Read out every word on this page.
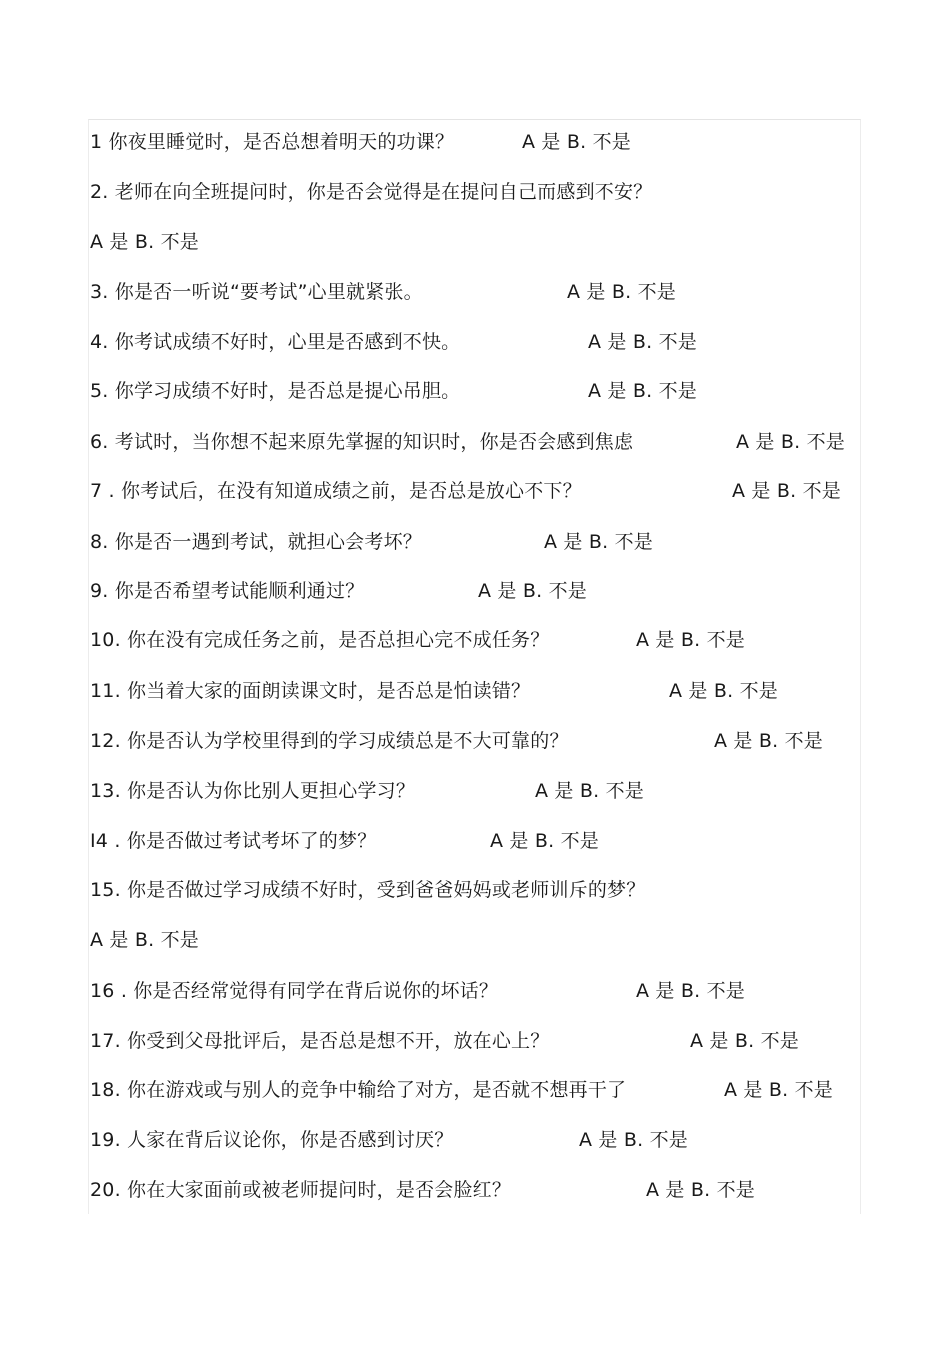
1 你夜里睡觉时，是否总想着明天的功课？	A 是 B. 不是
2. 老师在向全班提问时，你是否会觉得是在提问自己而感到不安？
A 是 B. 不是
3. 你是否一听说“要考试”心里就紧张。	A 是 B. 不是
4. 你考试成绩不好时，心里是否感到不快。	A 是 B. 不是
5. 你学习成绩不好时，是否总是提心吊胆。	A 是 B. 不是
6. 考试时，当你想不起来原先掌握的知识时，你是否会感到焦虑	A 是 B. 不是
7 . 你考试后，在没有知道成绩之前，是否总是放心不下？	A 是 B. 不是
8. 你是否一遇到考试，就担心会考坏？	A 是 B. 不是
9. 你是否希望考试能顺利通过？	A 是 B. 不是
10. 你在没有完成任务之前，是否总担心完不成任务？	A 是 B. 不是
11. 你当着大家的面朗读课文时，是否总是怕读错？	A 是 B. 不是
12. 你是否认为学校里得到的学习成绩总是不大可靠的？	A 是 B. 不是
13. 你是否认为你比别人更担心学习？	A 是 B. 不是
I4 . 你是否做过考试考坏了的梦？	A 是 B. 不是
15. 你是否做过学习成绩不好时，受到爸爸妈妈或老师训斥的梦？
A 是 B. 不是
16 . 你是否经常觉得有同学在背后说你的坏话？	A 是 B. 不是
17. 你受到父母批评后，是否总是想不开，放在心上？	A 是 B. 不是
18. 你在游戏或与别人的竞争中输给了对方，是否就不想再干了	A 是 B. 不是
19. 人家在背后议论你，你是否感到讨厌？	A 是 B. 不是
20. 你在大家面前或被老师提问时，是否会脸红？	A 是 B. 不是
